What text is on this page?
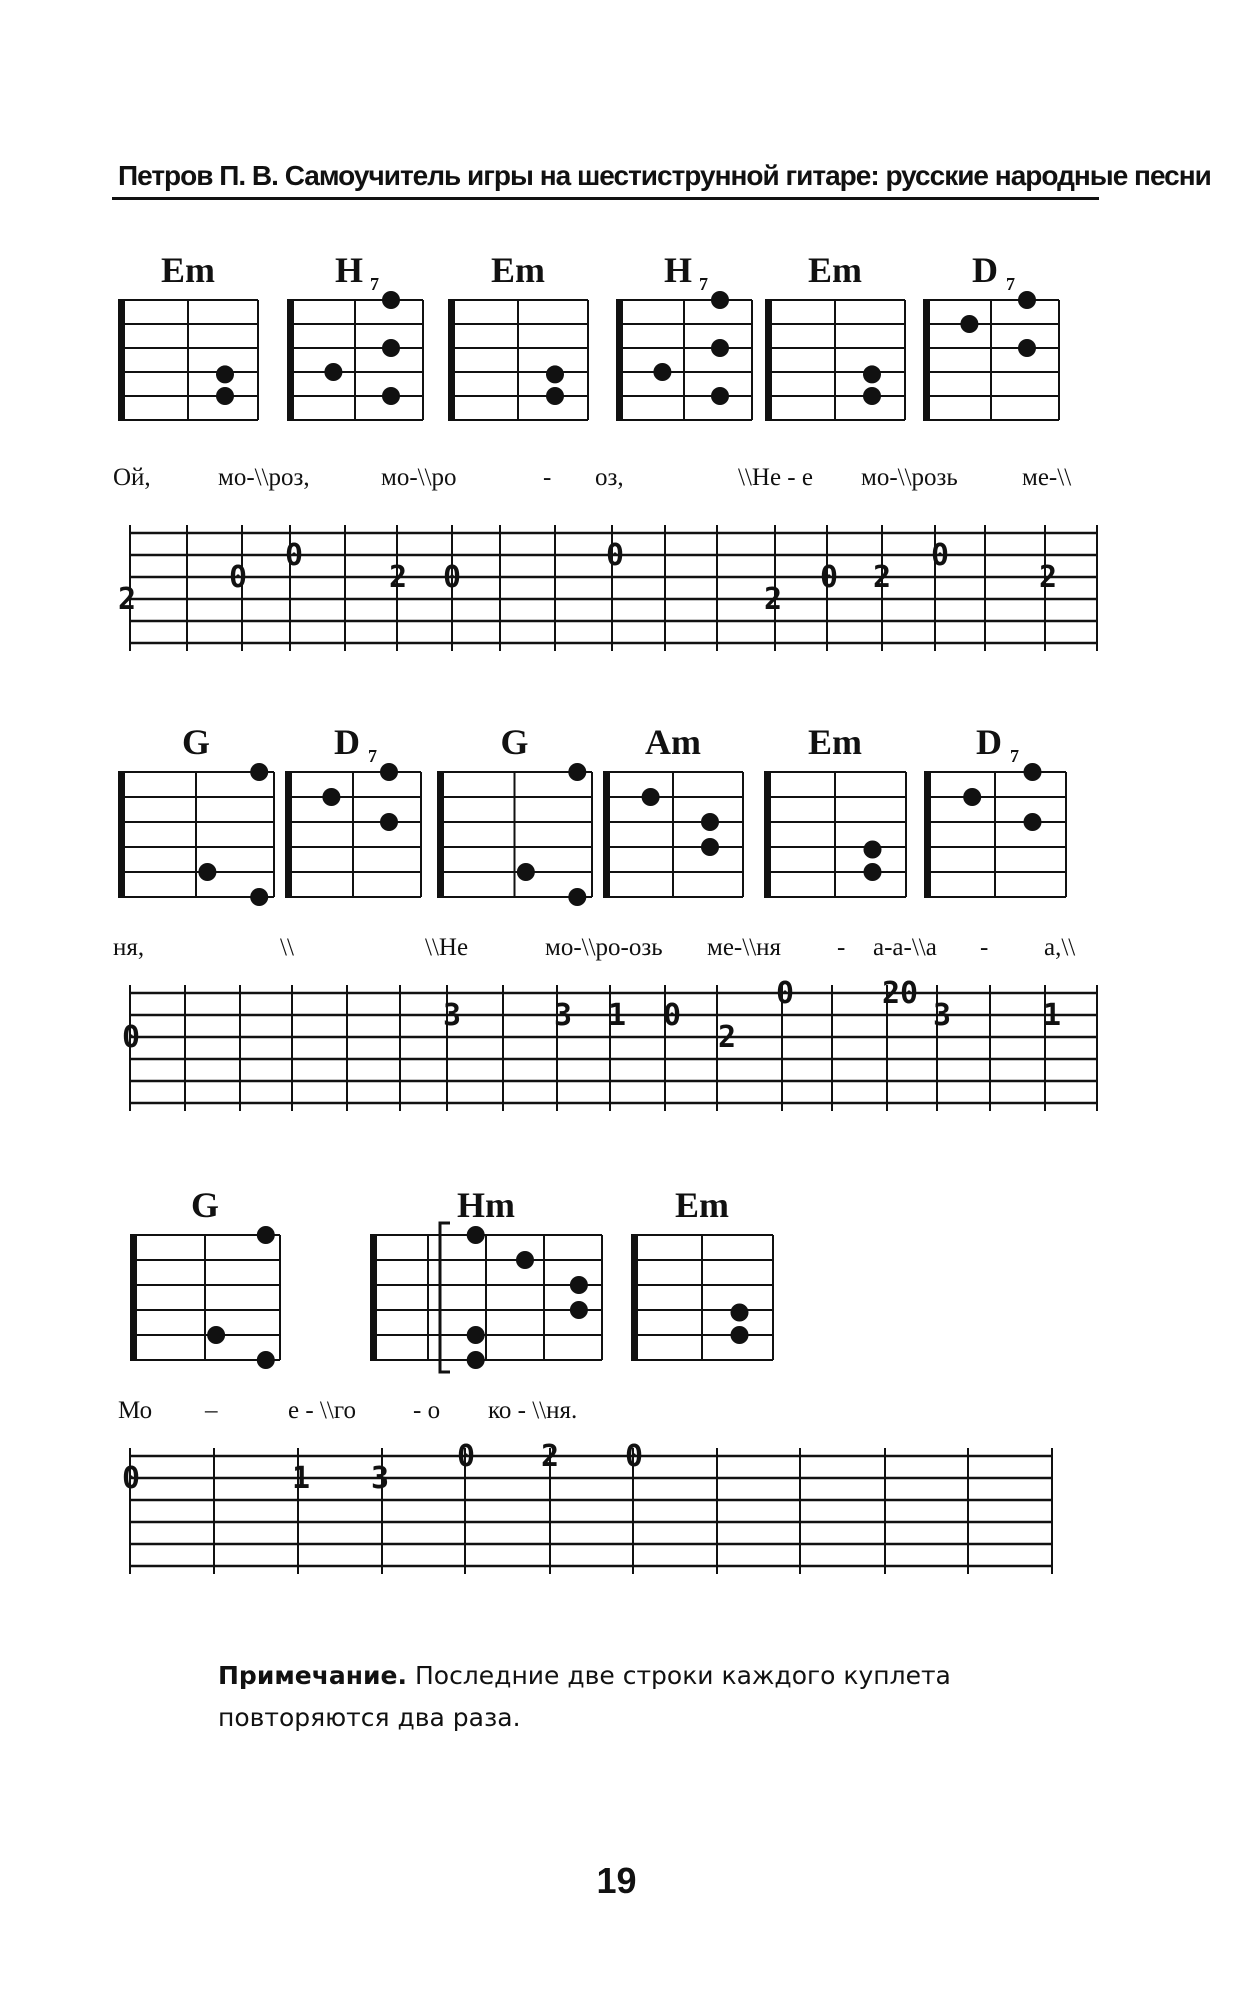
Петров П. В. Самоучитель игры на шестиструнной гитаре: русские народные песни
Em	H 7	Em	H 7	Em	D 7
Ой,	мо-\\роз,	мо-\\ро	- оз,	\\Не - е мо-\\розь	ме-\\
2
0
0
2 0
0
2
0 2
0
2
G	D 7	G	Am	Em	D 7
ня,	\\	\\Не	мо-\\ро-озь ме-\\ня - а-а-\\а - а,\\
0
3	3 1 0
2
0	20
3	1
G	Hm	Em
Мо –	е - \\го - о ко - \\ня.
0	1 3
0 2 0
Примечание. Последние две строки каждого куплета повторяются два раза.
19
